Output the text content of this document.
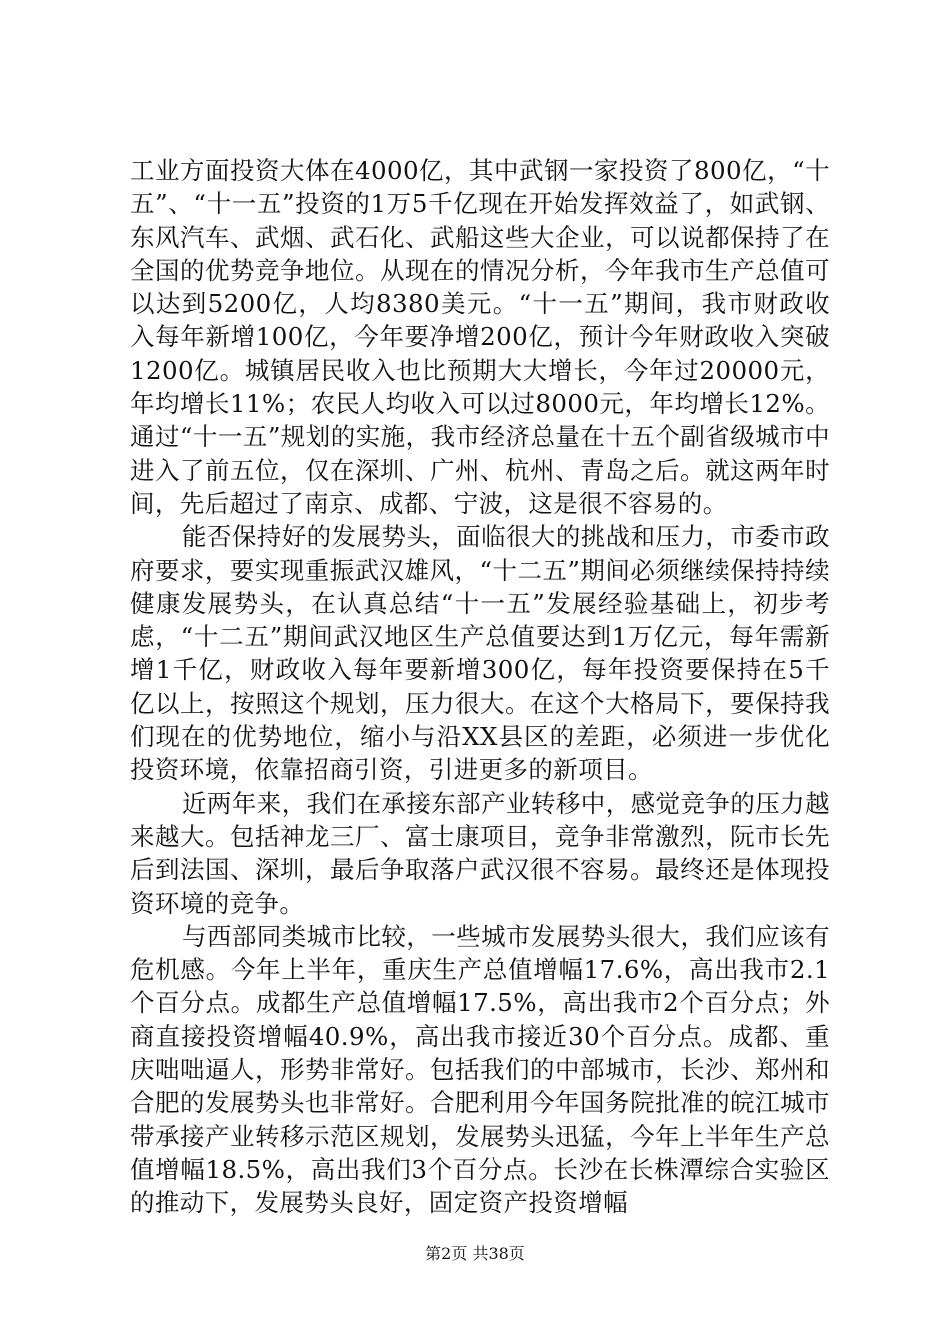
工业方面投资大体在4000亿，其中武钢一家投资了800亿，“十五”、“十一五”投资的1万5千亿现在开始发挥效益了，如武钢、东风汽车、武烟、武石化、武船这些大企业，可以说都保持了在全国的优势竞争地位。从现在的情况分析，今年我市生产总值可以达到5200亿，人均8380美元。“十一五”期间，我市财政收入每年新增100亿，今年要净增200亿，预计今年财政收入突破1200亿。城镇居民收入也比预期大大增长，今年过20000元，年均增长11%；农民人均收入可以过8000元，年均增长12%。通过“十一五”规划的实施，我市经济总量在十五个副省级城市中进入了前五位，仅在深圳、广州、杭州、青岛之后。就这两年时间，先后超过了南京、成都、宁波，这是很不容易的。

能否保持好的发展势头，面临很大的挑战和压力，市委市政府要求，要实现重振武汉雄风，“十二五”期间必须继续保持持续健康发展势头，在认真总结“十一五”发展经验基础上，初步考虑，“十二五”期间武汉地区生产总值要达到1万亿元，每年需新增1千亿，财政收入每年要新增300亿，每年投资要保持在5千亿以上，按照这个规划，压力很大。在这个大格局下，要保持我们现在的优势地位，缩小与沿XX县区的差距，必须进一步优化投资环境，依靠招商引资，引进更多的新项目。

近两年来，我们在承接东部产业转移中，感觉竞争的压力越来越大。包括神龙三厂、富士康项目，竞争非常激烈，阮市长先后到法国、深圳，最后争取落户武汉很不容易。最终还是体现投资环境的竞争。

与西部同类城市比较，一些城市发展势头很大，我们应该有危机感。今年上半年，重庆生产总值增幅17.6%，高出我市2.1个百分点。成都生产总值增幅17.5%，高出我市2个百分点；外商直接投资增幅40.9%，高出我市接近30个百分点。成都、重庆咄咄逼人，形势非常好。包括我们的中部城市，长沙、郑州和合肥的发展势头也非常好。合肥利用今年国务院批准的皖江城市带承接产业转移示范区规划，发展势头迅猛，今年上半年生产总值增幅18.5%，高出我们3个百分点。长沙在长株潭综合实验区的推动下，发展势头良好，固定资产投资增幅

第2页 共38页
